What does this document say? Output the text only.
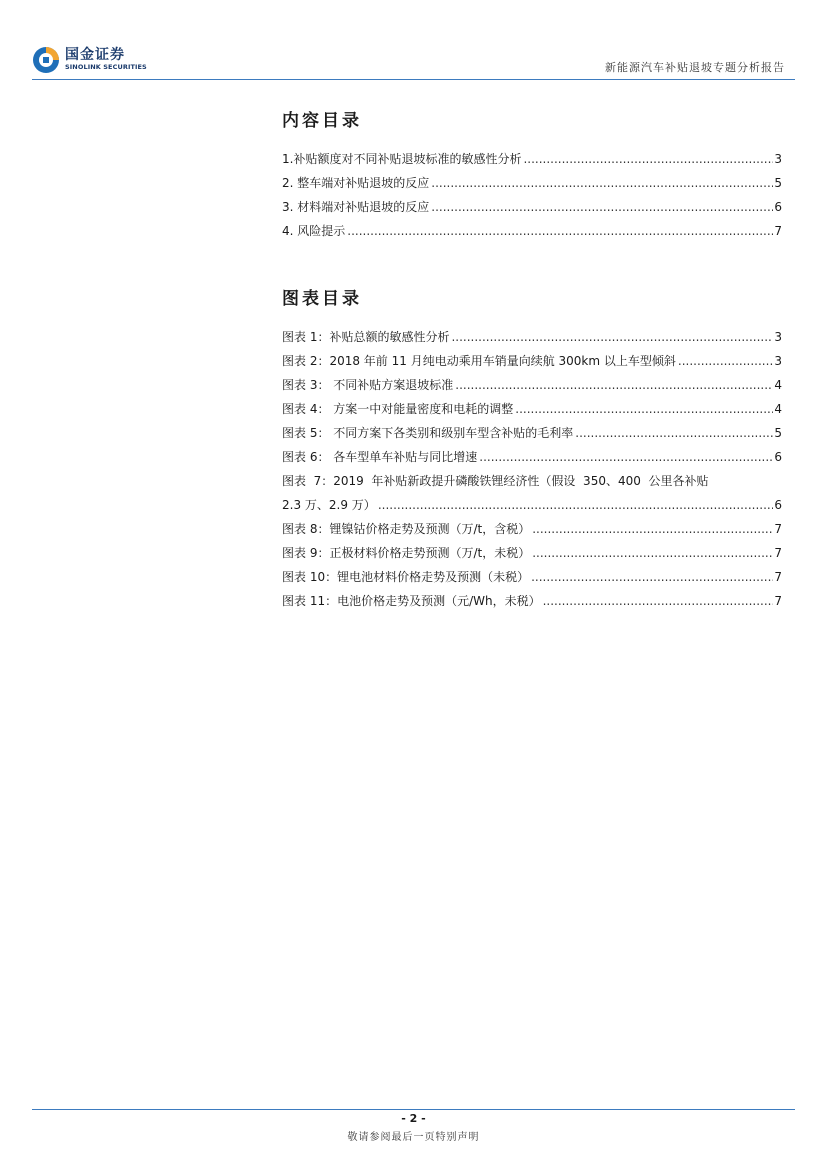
国金证券
SINOLINK SECURITIES	新能源汽车补贴退坡专题分析报告
内容目录
1.补贴额度对不同补贴退坡标准的敏感性分析 .....	3
2. 整车端对补贴退坡的反应 .....	5
3. 材料端对补贴退坡的反应 .....	6
4. 风险提示 .....	7
图表目录
图表 1：补贴总额的敏感性分析 .....	3
图表 2：2018 年前 11 月纯电动乘用车销量向续航 300km 以上车型倾斜 .....	3
图表 3： 不同补贴方案退坡标准 .....	4
图表 4： 方案一中对能量密度和电耗的调整 .....	4
图表 5： 不同方案下各类别和级别车型含补贴的毛利率 .....	5
图表 6： 各车型单车补贴与同比增速 .....	6
图表  7：2019  年补贴新政提升磷酸铁锂经济性（假设  350、400  公里各补贴
2.3 万、2.9 万） .....	6
图表 8：锂镍钴价格走势及预测（万/t，含税） .....	7
图表 9：正极材料价格走势预测（万/t，未税） .....	7
图表 10：锂电池材料价格走势及预测（未税） .....	7
图表 11：电池价格走势及预测（元/Wh，未税） .....	7
- 2 -
敬请参阅最后一页特别声明
